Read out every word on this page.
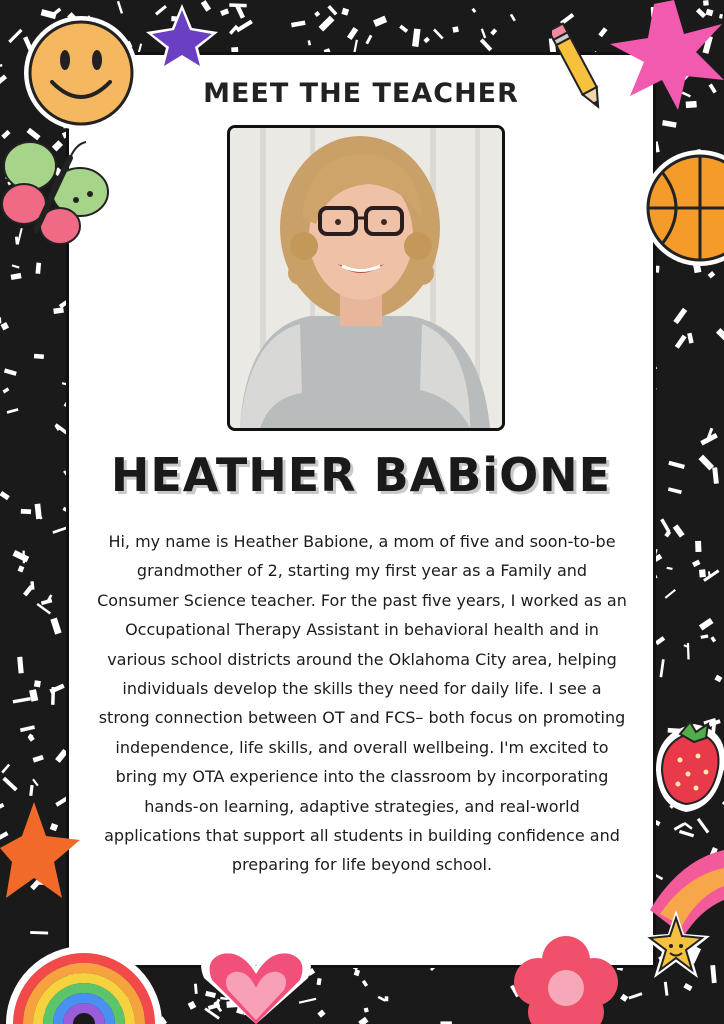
MEET THE TEACHER
HEATHER BABiONE

Hi, my name is Heather Babione, a mom of five and soon-to-be grandmother of 2, starting my first year as a Family and Consumer Science teacher. For the past five years, I worked as an Occupational Therapy Assistant in behavioral health and in various school districts around the Oklahoma City area, helping individuals develop the skills they need for daily life. I see a strong connection between OT and FCS– both focus on promoting independence, life skills, and overall wellbeing. I'm excited to bring my OTA experience into the classroom by incorporating hands-on learning, adaptive strategies, and real-world applications that support all students in building confidence and preparing for life beyond school.
